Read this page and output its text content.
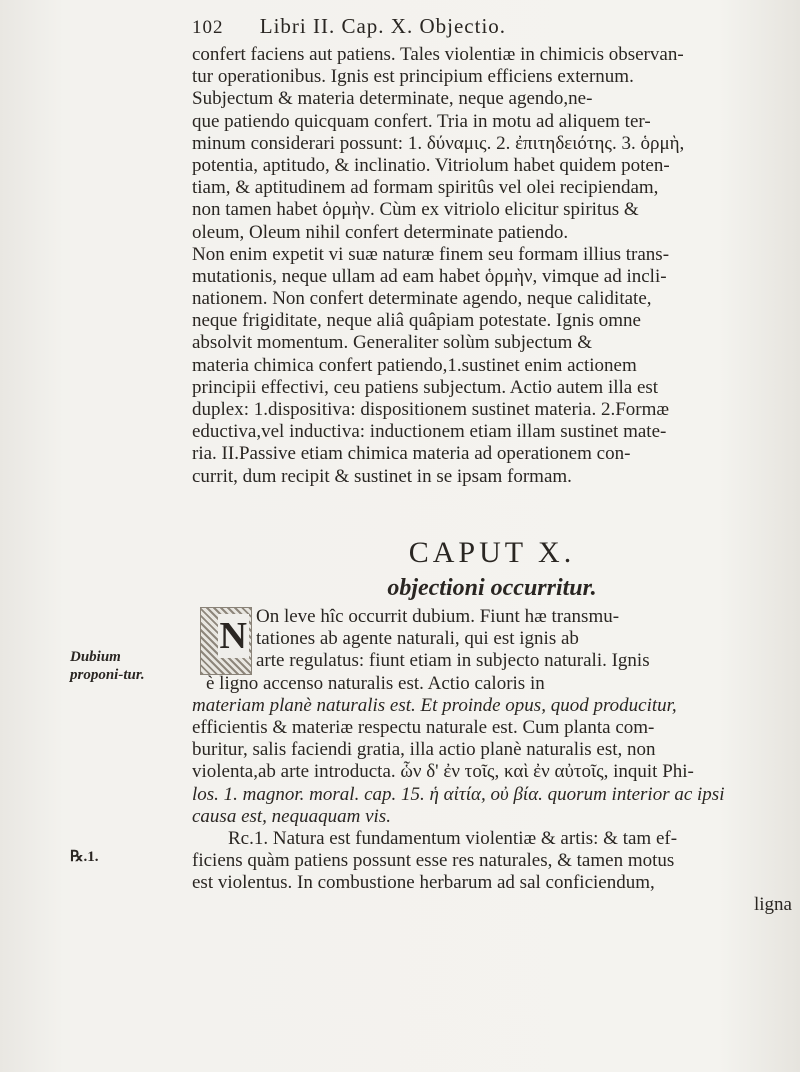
102 Libri II. Cap. X. Objectio.
confert faciens aut patiens. Tales violentiæ in chimicis observan-
tur operationibus. Ignis est principium efficiens externum.
Subjectum & materia determinate, neque agendo,ne-
que patiendo quicquam confert. Tria in motu ad aliquem ter-
minum considerari possunt: 1. δύναμις. 2. ἐπιτηδειότης. 3. ὁρμὴ,
potentia, aptitudo, & inclinatio. Vitriolum habet quidem poten-
tiam, & aptitudinem ad formam spiritûs vel olei recipiendam,
non tamen habet ὁρμὴν. Cùm ex vitriolo elicitur spiritus &
oleum, Oleum nihil confert determinate patiendo.
Non enim expetit vi suæ naturæ finem seu formam illius trans-
mutationis, neque ullam ad eam habet ὁρμὴν, vimque ad incli-
nationem. Non confert determinate agendo, neque caliditate,
neque frigiditate, neque aliâ quâpiam potestate. Ignis omne
absolvit momentum. Generaliter solùm subjectum &
materia chimica confert patiendo,1.sustinet enim actionem
principii effectivi, ceu patiens subjectum. Actio autem illa est
duplex: 1.dispositiva: dispositionem sustinet materia. 2.Formæ
eductiva,vel inductiva: inductionem etiam illam sustinet mate-
ria. II.Passive etiam chimica materia ad operationem con-
currit, dum recipit & sustinet in se ipsam formam.
CAPUT X.
objectioni occurritur.
N On leve hîc occurrit dubium. Fiunt hæ transmu-
tationes ab agente naturali, qui est ignis ab
arte regulatus: fiunt etiam in subjecto naturali. Ignis
è ligno accenso naturalis est. Actio caloris in
materiam planè naturalis est. Et proinde opus, quod producitur,
efficientis & materiæ respectu naturale est. Cum planta com-
buritur, salis faciendi gratia, illa actio planè naturalis est, non
violenta,ab arte introducta. ὧν δ' ἐν τοῖς, καὶ ἐν αὐτοῖς, inquit Phi-
los. 1. magnor. moral. cap. 15. ἡ αἰτία, οὐ βία. quorum interior ac ipsi
causa est, nequaquam vis.
Rc.1. Natura est fundamentum violentiæ & artis: & tam ef-
ficiens quàm patiens possunt esse res naturales, & tamen motus
est violentus. In combustione herbarum ad sal conficiendum,
ligna
Dubium proponi-tur.
℞.1.
